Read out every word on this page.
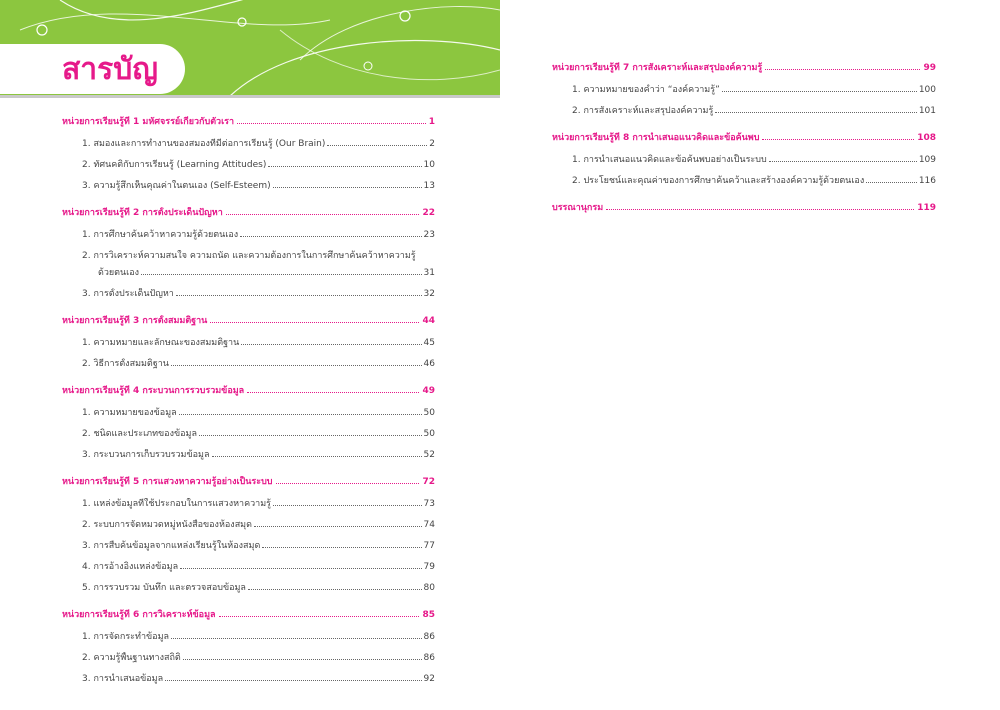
สารบัญ
หน่วยการเรียนรู้ที่ 1 มหัศจรรย์เกี่ยวกับตัวเรา	1
1. สมองและการทำงานของสมองที่มีต่อการเรียนรู้ (Our Brain)	2
2. ทัศนคติกับการเรียนรู้ (Learning Attitudes)	10
3. ความรู้สึกเห็นคุณค่าในตนเอง (Self-Esteem)	13
หน่วยการเรียนรู้ที่ 2 การตั้งประเด็นปัญหา	22
1. การศึกษาค้นคว้าหาความรู้ด้วยตนเอง	23
2. การวิเคราะห์ความสนใจ ความถนัด และความต้องการในการศึกษาค้นคว้าหาความรู้
ด้วยตนเอง	31
3. การตั้งประเด็นปัญหา	32
หน่วยการเรียนรู้ที่ 3 การตั้งสมมติฐาน	44
1. ความหมายและลักษณะของสมมติฐาน	45
2. วิธีการตั้งสมมติฐาน	46
หน่วยการเรียนรู้ที่ 4 กระบวนการรวบรวมข้อมูล	49
1. ความหมายของข้อมูล	50
2. ชนิดและประเภทของข้อมูล	50
3. กระบวนการเก็บรวบรวมข้อมูล	52
หน่วยการเรียนรู้ที่ 5 การแสวงหาความรู้อย่างเป็นระบบ	72
1. แหล่งข้อมูลที่ใช้ประกอบในการแสวงหาความรู้	73
2. ระบบการจัดหมวดหมู่หนังสือของห้องสมุด	74
3. การสืบค้นข้อมูลจากแหล่งเรียนรู้ในห้องสมุด	77
4. การอ้างอิงแหล่งข้อมูล	79
5. การรวบรวม บันทึก และตรวจสอบข้อมูล	80
หน่วยการเรียนรู้ที่ 6 การวิเคราะห์ข้อมูล	85
1. การจัดกระทำข้อมูล	86
2. ความรู้พื้นฐานทางสถิติ	86
3. การนำเสนอข้อมูล	92
หน่วยการเรียนรู้ที่ 7 การสังเคราะห์และสรุปองค์ความรู้	99
1. ความหมายของคำว่า “องค์ความรู้”	100
2. การสังเคราะห์และสรุปองค์ความรู้	101
หน่วยการเรียนรู้ที่ 8 การนำเสนอแนวคิดและข้อค้นพบ	108
1. การนำเสนอแนวคิดและข้อค้นพบอย่างเป็นระบบ	109
2. ประโยชน์และคุณค่าของการศึกษาค้นคว้าและสร้างองค์ความรู้ด้วยตนเอง	116
บรรณานุกรม	119
